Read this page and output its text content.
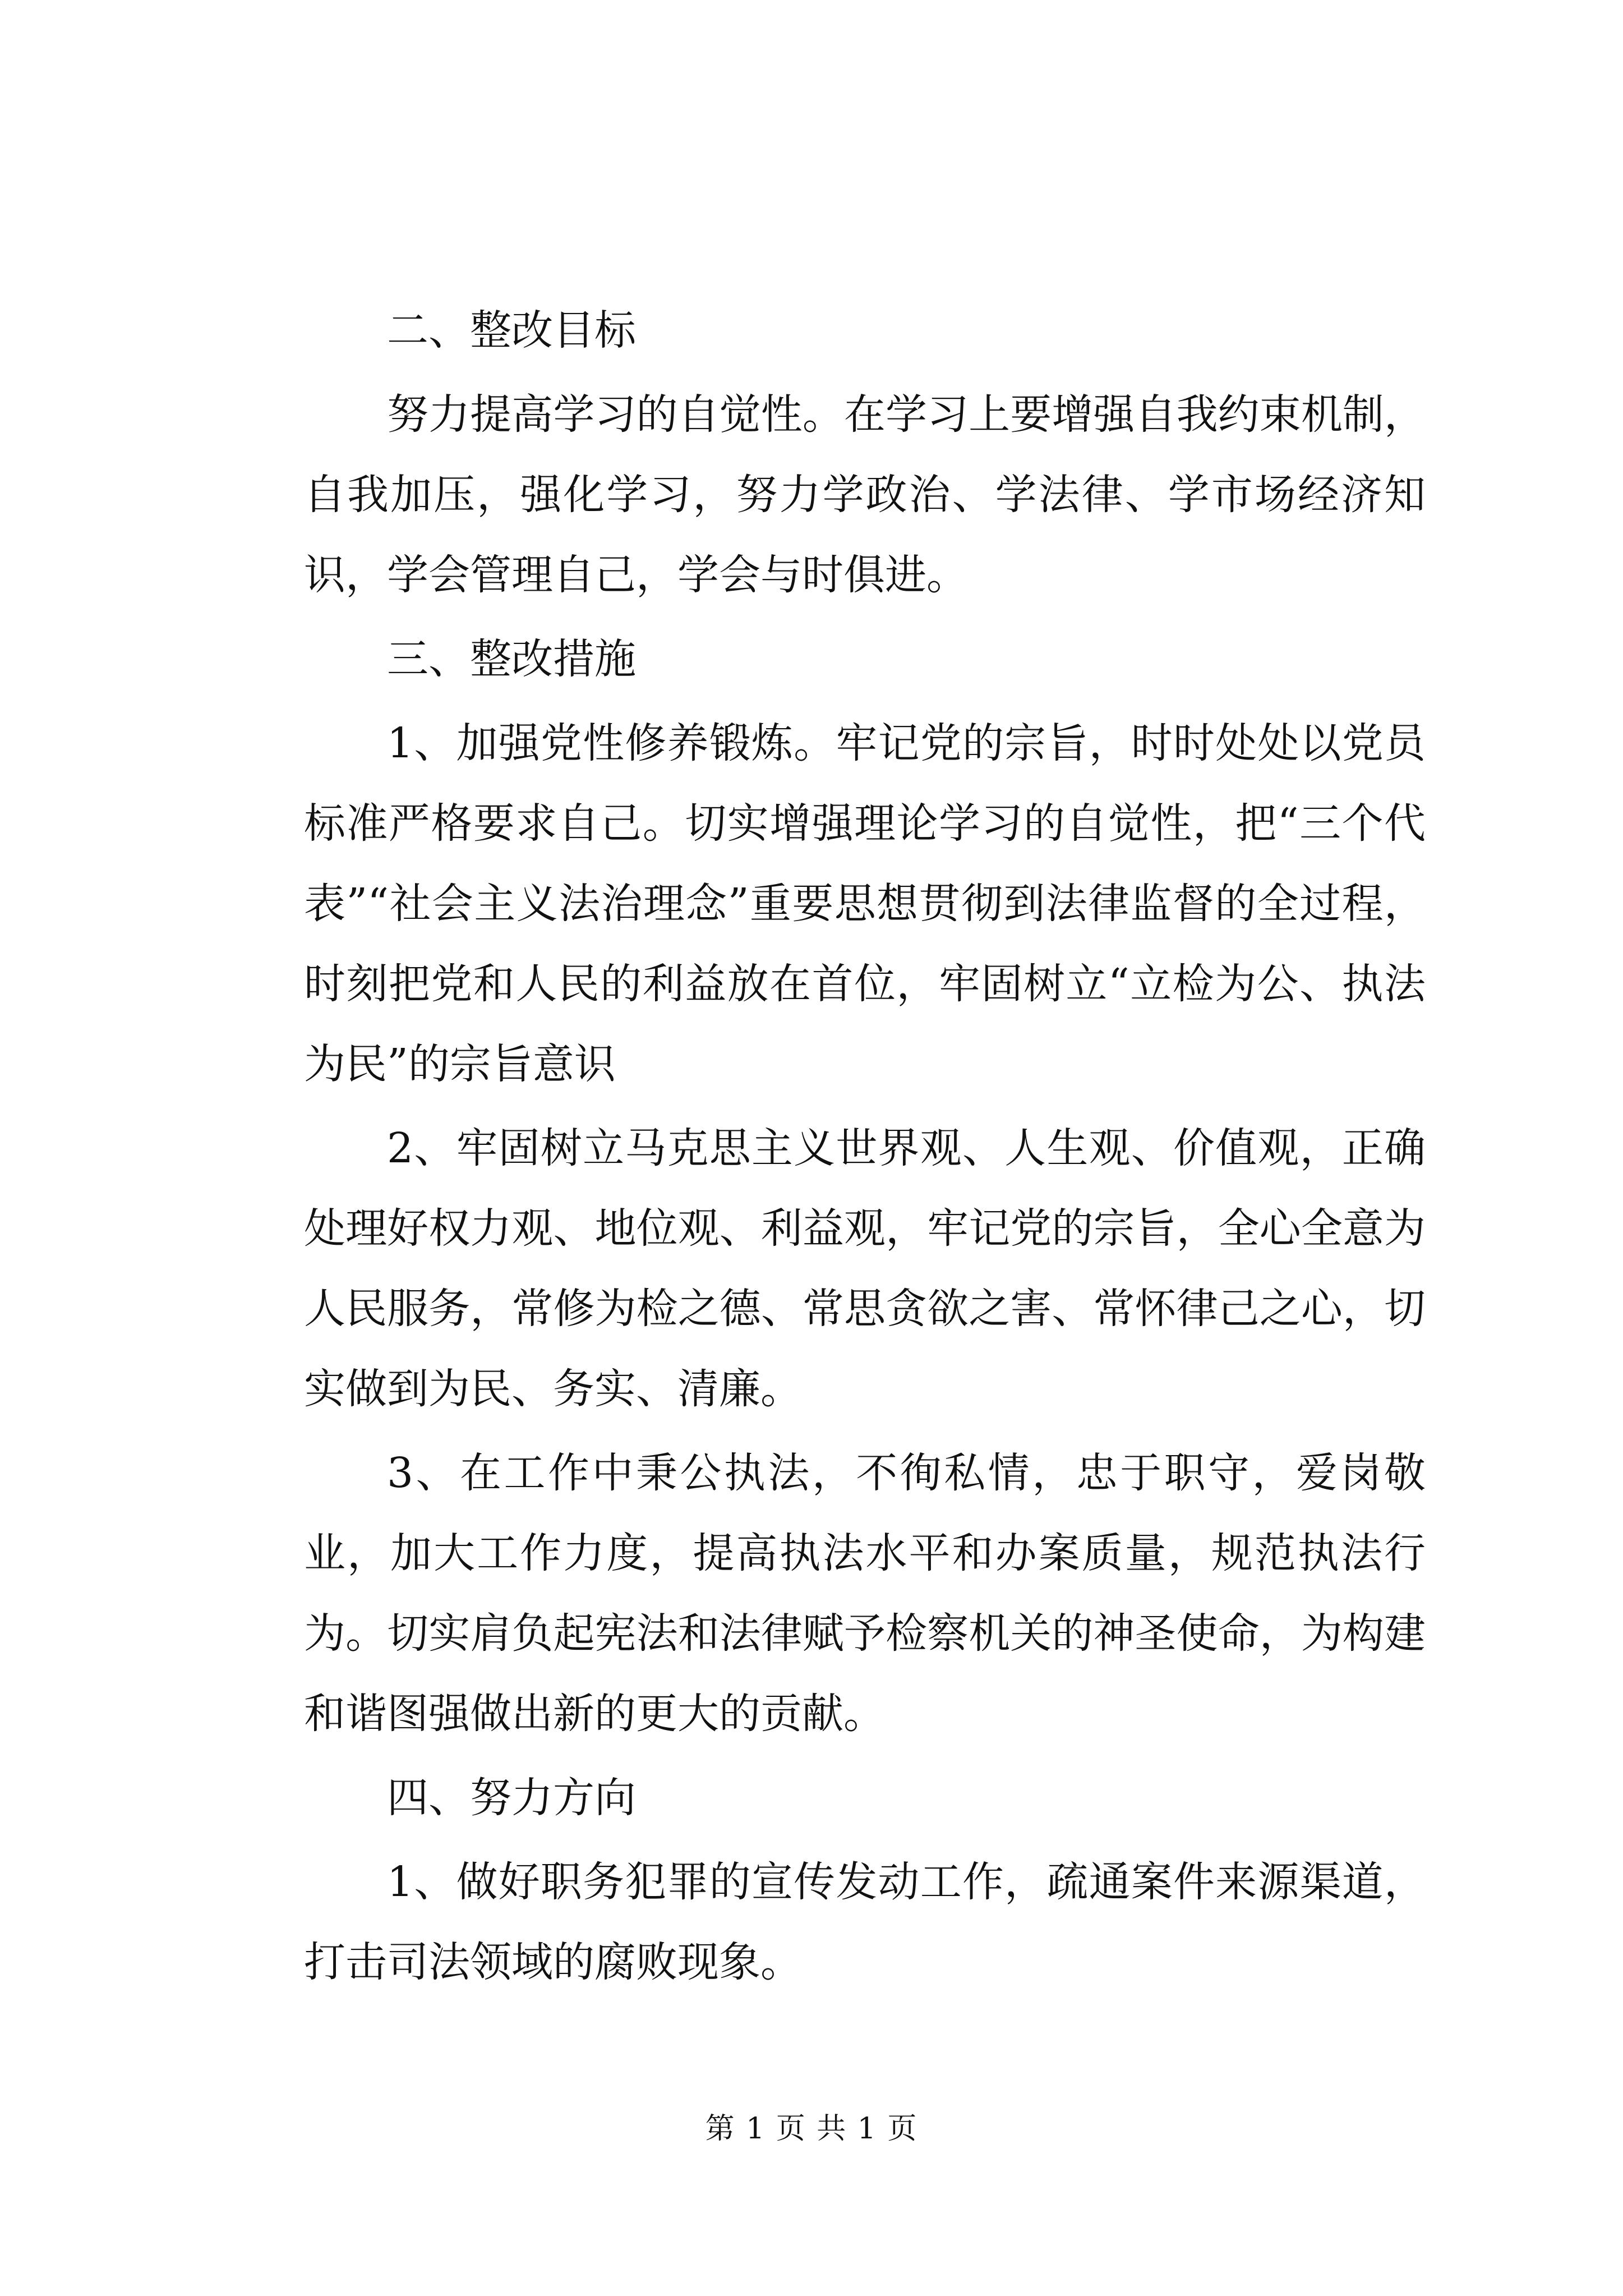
二、整改目标

努力提高学习的自觉性。在学习上要增强自我约束机制，自我加压，强化学习，努力学政治、学法律、学市场经济知识，学会管理自己，学会与时俱进。

三、整改措施

1、加强党性修养锻炼。牢记党的宗旨，时时处处以党员标准严格要求自己。切实增强理论学习的自觉性，把“三个代表”“社会主义法治理念”重要思想贯彻到法律监督的全过程，时刻把党和人民的利益放在首位，牢固树立“立检为公、执法为民”的宗旨意识

2、牢固树立马克思主义世界观、人生观、价值观，正确处理好权力观、地位观、利益观，牢记党的宗旨，全心全意为人民服务，常修为检之德、常思贪欲之害、常怀律己之心，切实做到为民、务实、清廉。

3、在工作中秉公执法，不徇私情，忠于职守，爱岗敬业，加大工作力度，提高执法水平和办案质量，规范执法行为。切实肩负起宪法和法律赋予检察机关的神圣使命，为构建和谐图强做出新的更大的贡献。

四、努力方向

1、做好职务犯罪的宣传发动工作，疏通案件来源渠道，打击司法领域的腐败现象。

第 1 页 共 1 页
